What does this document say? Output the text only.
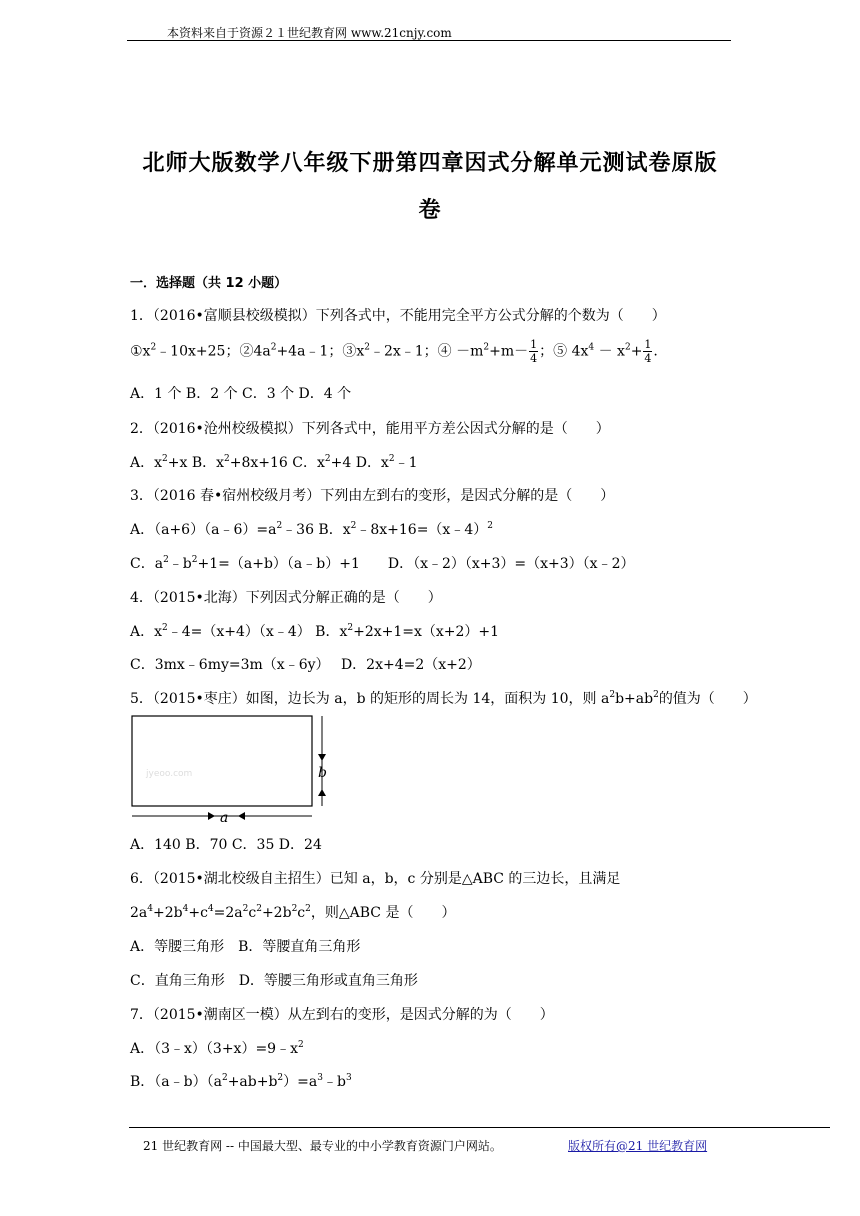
本资料来自于资源２１世纪教育网 www.21cnjy.com
北师大版数学八年级下册第四章因式分解单元测试卷原版
卷
一．选择题（共 12 小题）
1．（2016•富顺县校级模拟）下列各式中，不能用完全平方公式分解的个数为（　　）
$①x^2﹣10x+25$；$②4a^2+4a﹣1$；$③x^2﹣2x﹣1$；④ $-m^2+m- \frac{1}{4}$ ；⑤ $4x^4 - x^2+ \frac{1}{4}$ .
A．1 个 B．2 个 C．3 个 D．4 个
2．（2016•沧州校级模拟）下列各式中，能用平方差公因式分解的是（　　）
A．$x^2+x$ B．$x^2+8x+16$ C．$x^2+4$ D．$x^2﹣1$
3．（2016 春•宿州校级月考）下列由左到右的变形，是因式分解的是（　　）
A．$(a+6)(a﹣6)=a^2﹣36$ B．$x^2﹣8x+16=(x﹣4)^2$
C．$a^2﹣b^2+1=(a+b)(a﹣b)+1$　　D．（x﹣2）（x+3）=（x+3）（x﹣2）
4．（2015•北海）下列因式分解正确的是（　　）
A．$x^2﹣4=(x+4)(x﹣4)$ B．$x^2+2x+1=x(x+2)+1$
C．3mx﹣6my=3m（x﹣6y）　 D．2x+4=2（x+2）
5．（2015•枣庄）如图，边长为 a，b 的矩形的周长为 14，面积为 10，则 $a^2b+ab^2$的值为（　　）
b
a
jyeoo.com
A．140 B．70 C．35 D．24
6．（2015•湖北校级自主招生）已知 a，b，c 分别是△ABC 的三边长，且满足
$2a^4+2b^4+c^4=2a^2c^2+2b^2c^2$，则△ABC 是（　　）
A．等腰三角形　B．等腰直角三角形
C．直角三角形　D．等腰三角形或直角三角形
7．（2015•潮南区一模）从左到右的变形，是因式分解的为（　　）
A．$(3﹣x)(3+x)=9﹣x^2$
B．$(a﹣b)(a^2+ab+b^2)=a^3﹣b^3$
21 世纪教育网 -- 中国最大型、最专业的中小学教育资源门户网站。	版权所有@21 世纪教育网
